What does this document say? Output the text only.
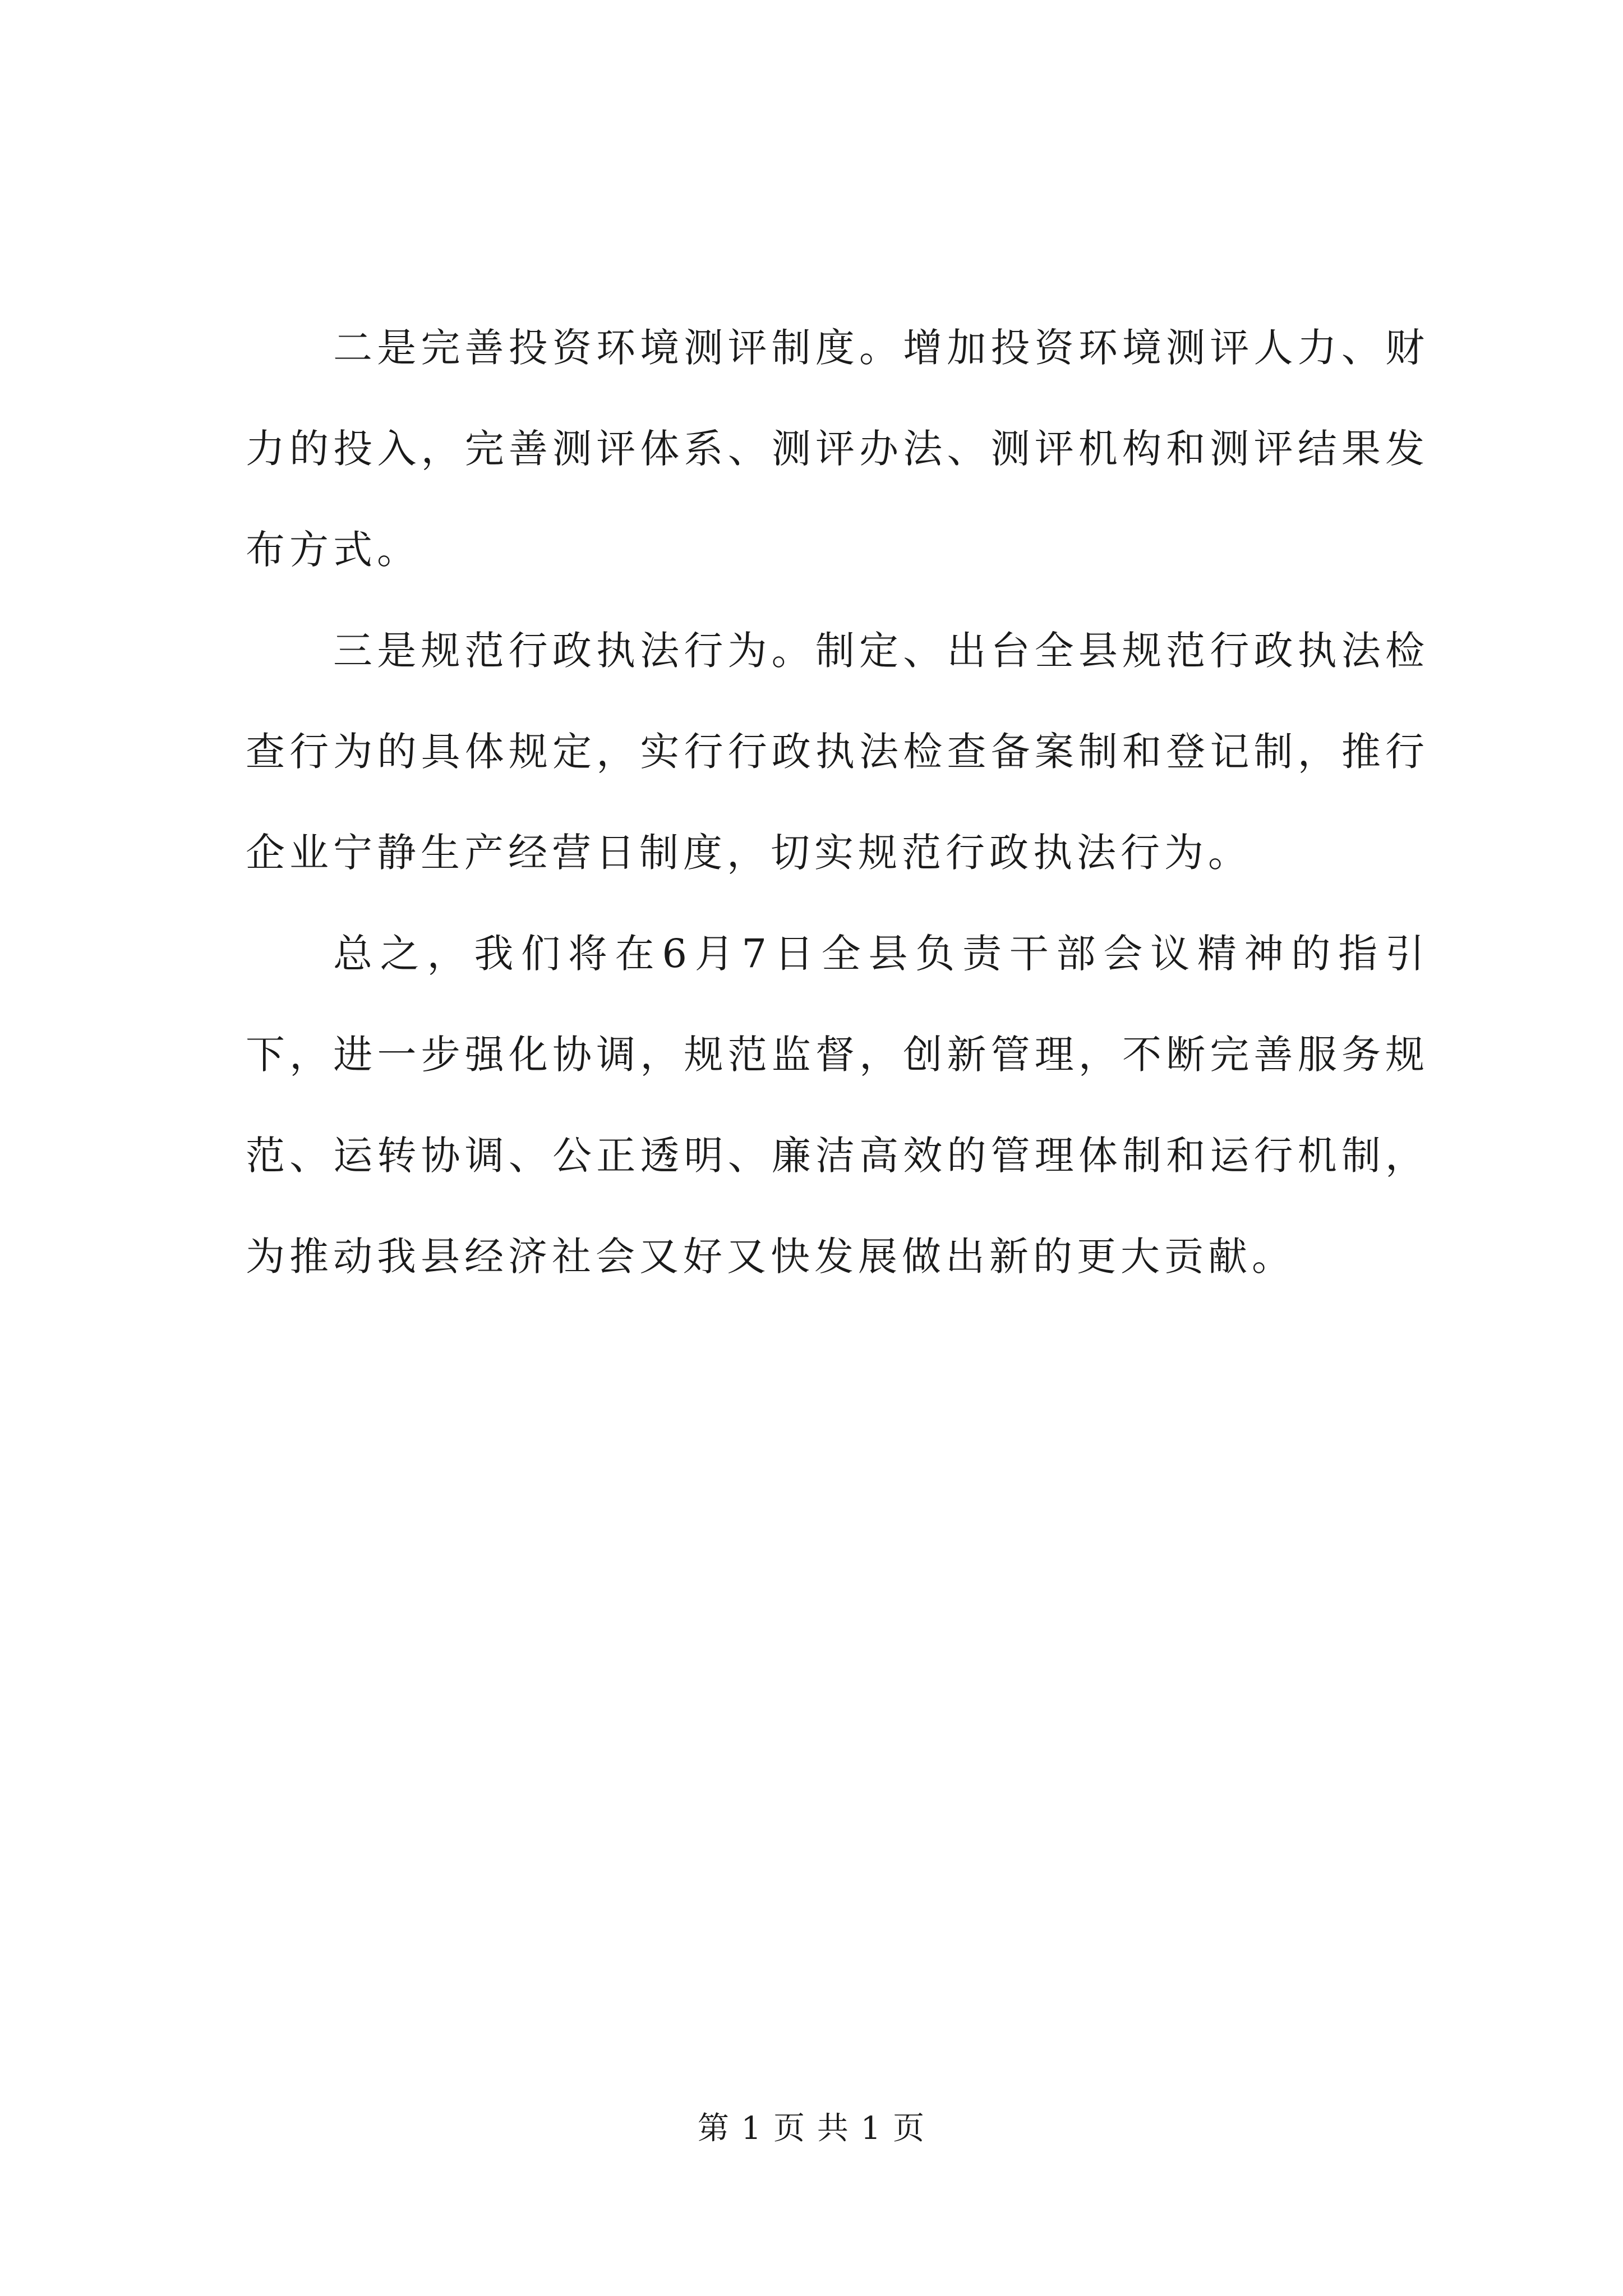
二是完善投资环境测评制度。增加投资环境测评人力、财力的投入，完善测评体系、测评办法、测评机构和测评结果发布方式。

三是规范行政执法行为。制定、出台全县规范行政执法检查行为的具体规定，实行行政执法检查备案制和登记制，推行企业宁静生产经营日制度，切实规范行政执法行为。

总之，我们将在6月7日全县负责干部会议精神的指引下，进一步强化协调，规范监督，创新管理，不断完善服务规范、运转协调、公正透明、廉洁高效的管理体制和运行机制，为推动我县经济社会又好又快发展做出新的更大贡献。

第 1 页 共 1 页
